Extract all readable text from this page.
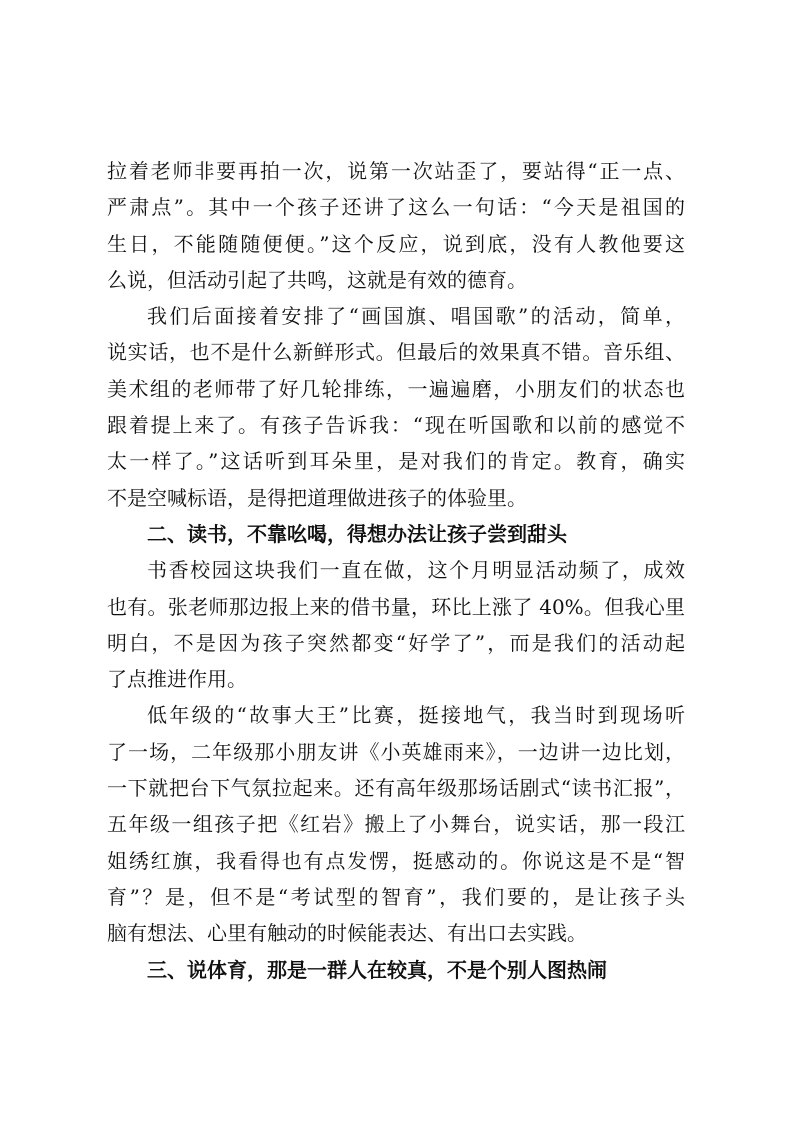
拉着老师非要再拍一次，说第一次站歪了，要站得“正一点、
严肃点”。其中一个孩子还讲了这么一句话：“今天是祖国的
生日，不能随随便便。”这个反应，说到底，没有人教他要这
么说，但活动引起了共鸣，这就是有效的德育。
我们后面接着安排了“画国旗、唱国歌”的活动，简单，
说实话，也不是什么新鲜形式。但最后的效果真不错。音乐组、
美术组的老师带了好几轮排练，一遍遍磨，小朋友们的状态也
跟着提上来了。有孩子告诉我：“现在听国歌和以前的感觉不
太一样了。”这话听到耳朵里，是对我们的肯定。教育，确实
不是空喊标语，是得把道理做进孩子的体验里。
二、读书，不靠吆喝，得想办法让孩子尝到甜头
书香校园这块我们一直在做，这个月明显活动频了，成效
也有。张老师那边报上来的借书量，环比上涨了 40%。但我心里
明白，不是因为孩子突然都变“好学了”，而是我们的活动起
了点推进作用。
低年级的“故事大王”比赛，挺接地气，我当时到现场听
了一场，二年级那小朋友讲《小英雄雨来》，一边讲一边比划，
一下就把台下气氛拉起来。还有高年级那场话剧式“读书汇报”，
五年级一组孩子把《红岩》搬上了小舞台，说实话，那一段江
姐绣红旗，我看得也有点发愣，挺感动的。你说这是不是“智
育”？是，但不是“考试型的智育”，我们要的，是让孩子头
脑有想法、心里有触动的时候能表达、有出口去实践。
三、说体育，那是一群人在较真，不是个别人图热闹
